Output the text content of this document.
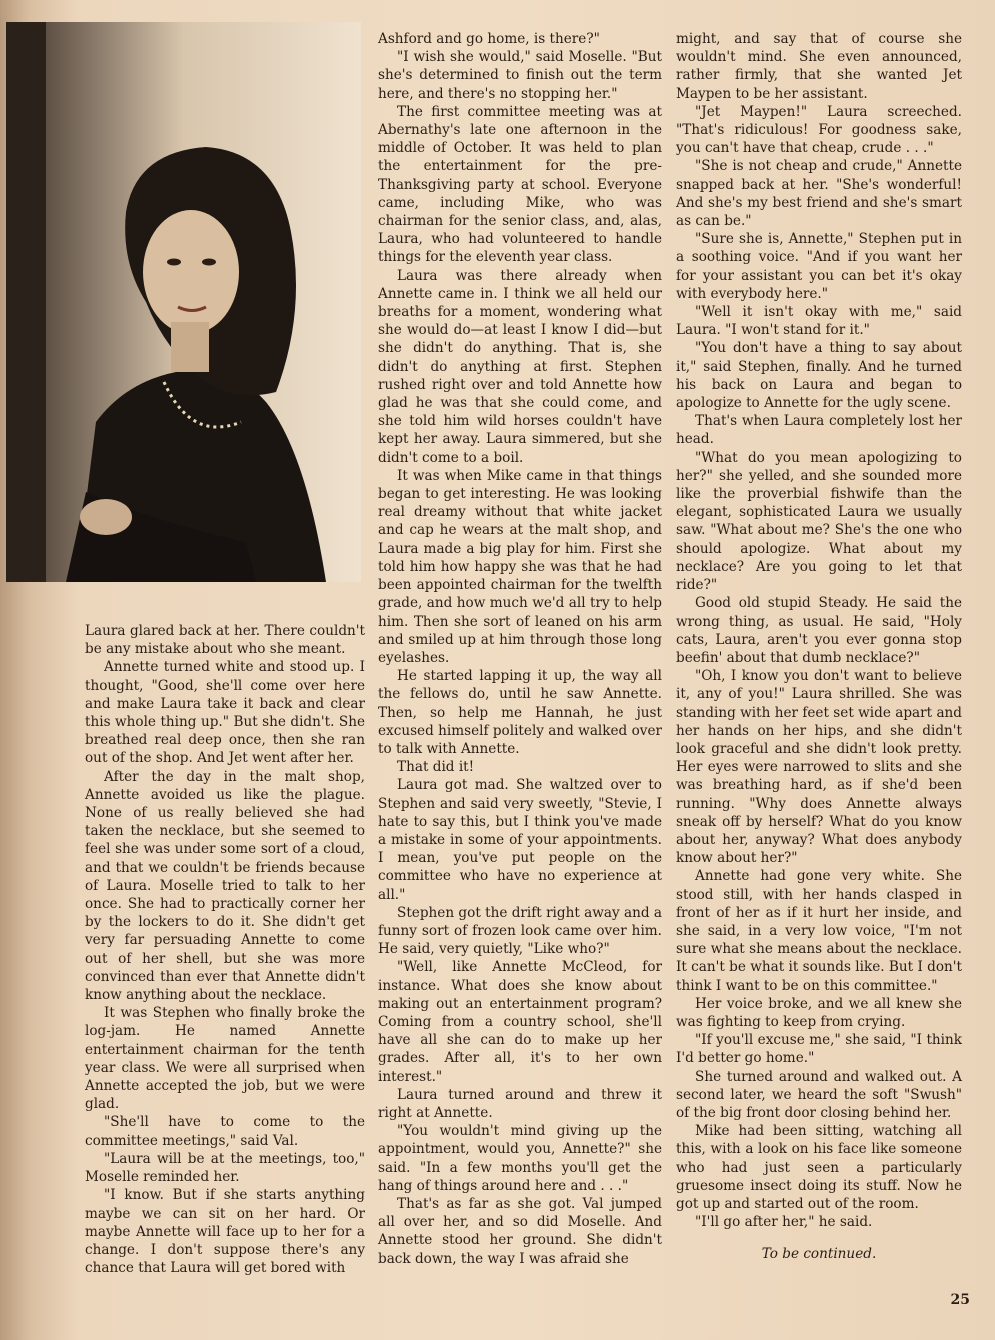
Laura glared back at her. There couldn't be any mistake about who she meant.

Annette turned white and stood up. I thought, "Good, she'll come over here and make Laura take it back and clear this whole thing up." But she didn't. She breathed real deep once, then she ran out of the shop. And Jet went after her.

After the day in the malt shop, Annette avoided us like the plague. None of us really believed she had taken the necklace, but she seemed to feel she was under some sort of a cloud, and that we couldn't be friends because of Laura. Moselle tried to talk to her once. She had to practically corner her by the lockers to do it. She didn't get very far persuading Annette to come out of her shell, but she was more convinced than ever that Annette didn't know anything about the necklace.

It was Stephen who finally broke the log-jam. He named Annette entertainment chairman for the tenth year class. We were all surprised when Annette accepted the job, but we were glad.

"She'll have to come to the committee meetings," said Val.

"Laura will be at the meetings, too," Moselle reminded her.

"I know. But if she starts anything maybe we can sit on her hard. Or maybe Annette will face up to her for a change. I don't suppose there's any chance that Laura will get bored with

Ashford and go home, is there?"

"I wish she would," said Moselle. "But she's determined to finish out the term here, and there's no stopping her."

The first committee meeting was at Abernathy's late one afternoon in the middle of October. It was held to plan the entertainment for the pre-Thanksgiving party at school. Everyone came, including Mike, who was chairman for the senior class, and, alas, Laura, who had volunteered to handle things for the eleventh year class.

Laura was there already when Annette came in. I think we all held our breaths for a moment, wondering what she would do—at least I know I did—but she didn't do anything. That is, she didn't do anything at first. Stephen rushed right over and told Annette how glad he was that she could come, and she told him wild horses couldn't have kept her away. Laura simmered, but she didn't come to a boil.

It was when Mike came in that things began to get interesting. He was looking real dreamy without that white jacket and cap he wears at the malt shop, and Laura made a big play for him. First she told him how happy she was that he had been appointed chairman for the twelfth grade, and how much we'd all try to help him. Then she sort of leaned on his arm and smiled up at him through those long eyelashes.

He started lapping it up, the way all the fellows do, until he saw Annette. Then, so help me Hannah, he just excused himself politely and walked over to talk with Annette.

That did it!

Laura got mad. She waltzed over to Stephen and said very sweetly, "Stevie, I hate to say this, but I think you've made a mistake in some of your appointments. I mean, you've put people on the committee who have no experience at all."

Stephen got the drift right away and a funny sort of frozen look came over him. He said, very quietly, "Like who?"

"Well, like Annette McCleod, for instance. What does she know about making out an entertainment program? Coming from a country school, she'll have all she can do to make up her grades. After all, it's to her own interest."

Laura turned around and threw it right at Annette.

"You wouldn't mind giving up the appointment, would you, Annette?" she said. "In a few months you'll get the hang of things around here and . . ."

That's as far as she got. Val jumped all over her, and so did Moselle. And Annette stood her ground. She didn't back down, the way I was afraid she

might, and say that of course she wouldn't mind. She even announced, rather firmly, that she wanted Jet Maypen to be her assistant.

"Jet Maypen!" Laura screeched. "That's ridiculous! For goodness sake, you can't have that cheap, crude . . ."

"She is not cheap and crude," Annette snapped back at her. "She's wonderful! And she's my best friend and she's smart as can be."

"Sure she is, Annette," Stephen put in a soothing voice. "And if you want her for your assistant you can bet it's okay with everybody here."

"Well it isn't okay with me," said Laura. "I won't stand for it."

"You don't have a thing to say about it," said Stephen, finally. And he turned his back on Laura and began to apologize to Annette for the ugly scene.

That's when Laura completely lost her head.

"What do you mean apologizing to her?" she yelled, and she sounded more like the proverbial fishwife than the elegant, sophisticated Laura we usually saw. "What about me? She's the one who should apologize. What about my necklace? Are you going to let that ride?"

Good old stupid Steady. He said the wrong thing, as usual. He said, "Holy cats, Laura, aren't you ever gonna stop beefin' about that dumb necklace?"

"Oh, I know you don't want to believe it, any of you!" Laura shrilled. She was standing with her feet set wide apart and her hands on her hips, and she didn't look graceful and she didn't look pretty. Her eyes were narrowed to slits and she was breathing hard, as if she'd been running. "Why does Annette always sneak off by herself? What do you know about her, anyway? What does anybody know about her?"

Annette had gone very white. She stood still, with her hands clasped in front of her as if it hurt her inside, and she said, in a very low voice, "I'm not sure what she means about the necklace. It can't be what it sounds like. But I don't think I want to be on this committee."

Her voice broke, and we all knew she was fighting to keep from crying.

"If you'll excuse me," she said, "I think I'd better go home."

She turned around and walked out. A second later, we heard the soft "Swush" of the big front door closing behind her.

Mike had been sitting, watching all this, with a look on his face like someone who had just seen a particularly gruesome insect doing its stuff. Now he got up and started out of the room.

"I'll go after her," he said.

To be continued.
25
